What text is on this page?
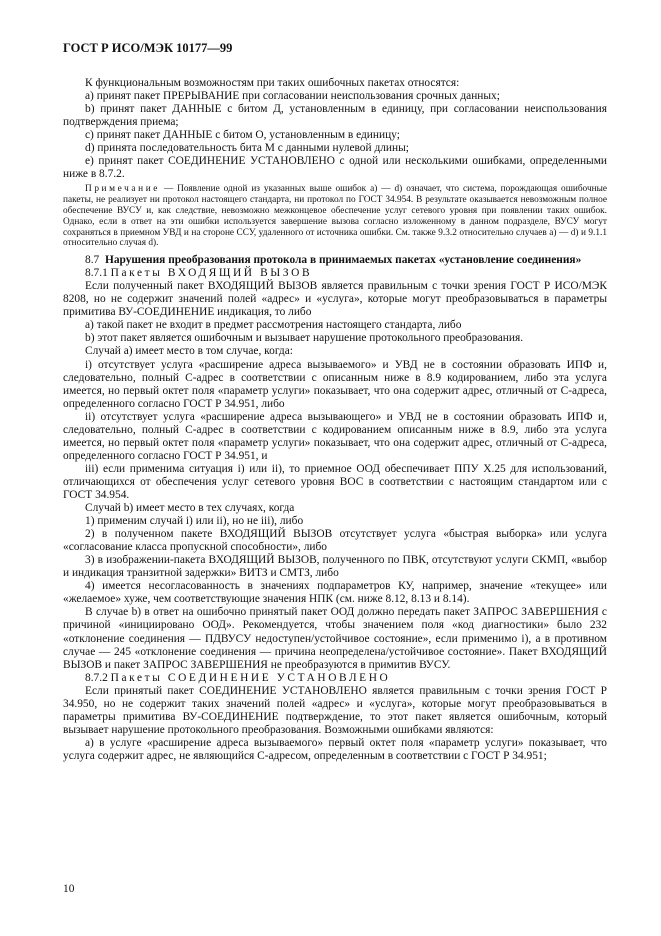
ГОСТ Р ИСО/МЭК 10177—99

К функциональным возможностям при таких ошибочных пакетах относятся:

а) принят пакет ПРЕРЫВАНИЕ при согласовании неиспользования срочных данных;

b) принят пакет ДАННЫЕ с битом Д, установленным в единицу, при согласовании неиспользования подтверждения приема;

с) принят пакет ДАННЫЕ с битом О, установленным в единицу;

d) принята последовательность бита М с данными нулевой длины;

е) принят пакет СОЕДИНЕНИЕ УСТАНОВЛЕНО с одной или несколькими ошибками, определенными ниже в 8.7.2.

Примечание — Появление одной из указанных выше ошибок а) — d) означает, что система, порождающая ошибочные пакеты, не реализует ни протокол настоящего стандарта, ни протокол по ГОСТ 34.954. В результате оказывается невозможным полное обеспечение ВУСУ и, как следствие, невозможно межконцевое обеспечение услуг сетевого уровня при появлении таких ошибок. Однако, если в ответ на эти ошибки используется завершение вызова согласно изложенному в данном подразделе, ВУСУ могут сохраняться в приемном УВД и на стороне ССУ, удаленного от источника ошибки. См. также 9.3.2 относительно случаев а) — d) и 9.1.1 относительно случая d).

8.7 Нарушения преобразования протокола в принимаемых пакетах «установление соединения»

8.7.1 Пакеты ВХОДЯЩИЙ ВЫЗОВ

Если полученный пакет ВХОДЯЩИЙ ВЫЗОВ является правильным с точки зрения ГОСТ Р ИСО/МЭК 8208, но не содержит значений полей «адрес» и «услуга», которые могут преобразовываться в параметры примитива ВУ-СОЕДИНЕНИЕ индикация, то либо

а) такой пакет не входит в предмет рассмотрения настоящего стандарта, либо

b) этот пакет является ошибочным и вызывает нарушение протокольного преобразования.

Случай а) имеет место в том случае, когда:

i) отсутствует услуга «расширение адреса вызываемого» и УВД не в состоянии образовать ИПФ и, следовательно, полный С-адрес в соответствии с описанным ниже в 8.9 кодированием, либо эта услуга имеется, но первый октет поля «параметр услуги» показывает, что она содержит адрес, отличный от С-адреса, определенного согласно ГОСТ Р 34.951, либо

ii) отсутствует услуга «расширение адреса вызывающего» и УВД не в состоянии образовать ИПФ и, следовательно, полный С-адрес в соответствии с кодированием описанным ниже в 8.9, либо эта услуга имеется, но первый октет поля «параметр услуги» показывает, что она содержит адрес, отличный от С-адреса, определенного согласно ГОСТ Р 34.951, и

iii) если применима ситуация i) или ii), то приемное ООД обеспечивает ППУ Х.25 для использований, отличающихся от обеспечения услуг сетевого уровня ВОС в соответствии с настоящим стандартом или с ГОСТ 34.954.

Случай b) имеет место в тех случаях, когда

1) применим случай i) или ii), но не iii), либо

2) в полученном пакете ВХОДЯЩИЙ ВЫЗОВ отсутствует услуга «быстрая выборка» или услуга «согласование класса пропускной способности», либо

3) в изображении-пакета ВХОДЯЩИЙ ВЫЗОВ, полученного по ПВК, отсутствуют услуги СКМП, «выбор и индикация транзитной задержки» ВИТЗ и СМТЗ, либо

4) имеется несогласованность в значениях подпараметров КУ, например, значение «текущее» или «желаемое» хуже, чем соответствующие значения НПК (см. ниже 8.12, 8.13 и 8.14).

В случае b) в ответ на ошибочно принятый пакет ООД должно передать пакет ЗАПРОС ЗАВЕРШЕНИЯ с причиной «инициировано ООД». Рекомендуется, чтобы значением поля «код диагностики» было 232 «отклонение соединения — ПДВУСУ недоступен/устойчивое состояние», если применимо i), а в противном случае — 245 «отклонение соединения — причина неопределена/устойчивое состояние». Пакет ВХОДЯЩИЙ ВЫЗОВ и пакет ЗАПРОС ЗАВЕРШЕНИЯ не преобразуются в примитив ВУСУ.

8.7.2 Пакеты СОЕДИНЕНИЕ УСТАНОВЛЕНО

Если принятый пакет СОЕДИНЕНИЕ УСТАНОВЛЕНО является правильным с точки зрения ГОСТ Р 34.950, но не содержит таких значений полей «адрес» и «услуга», которые могут преобразовываться в параметры примитива ВУ-СОЕДИНЕНИЕ подтверждение, то этот пакет является ошибочным, который вызывает нарушение протокольного преобразования. Возможными ошибками являются:

а) в услуге «расширение адреса вызываемого» первый октет поля «параметр услуги» показывает, что услуга содержит адрес, не являющийся С-адресом, определенным в соответствии с ГОСТ Р 34.951;

10
